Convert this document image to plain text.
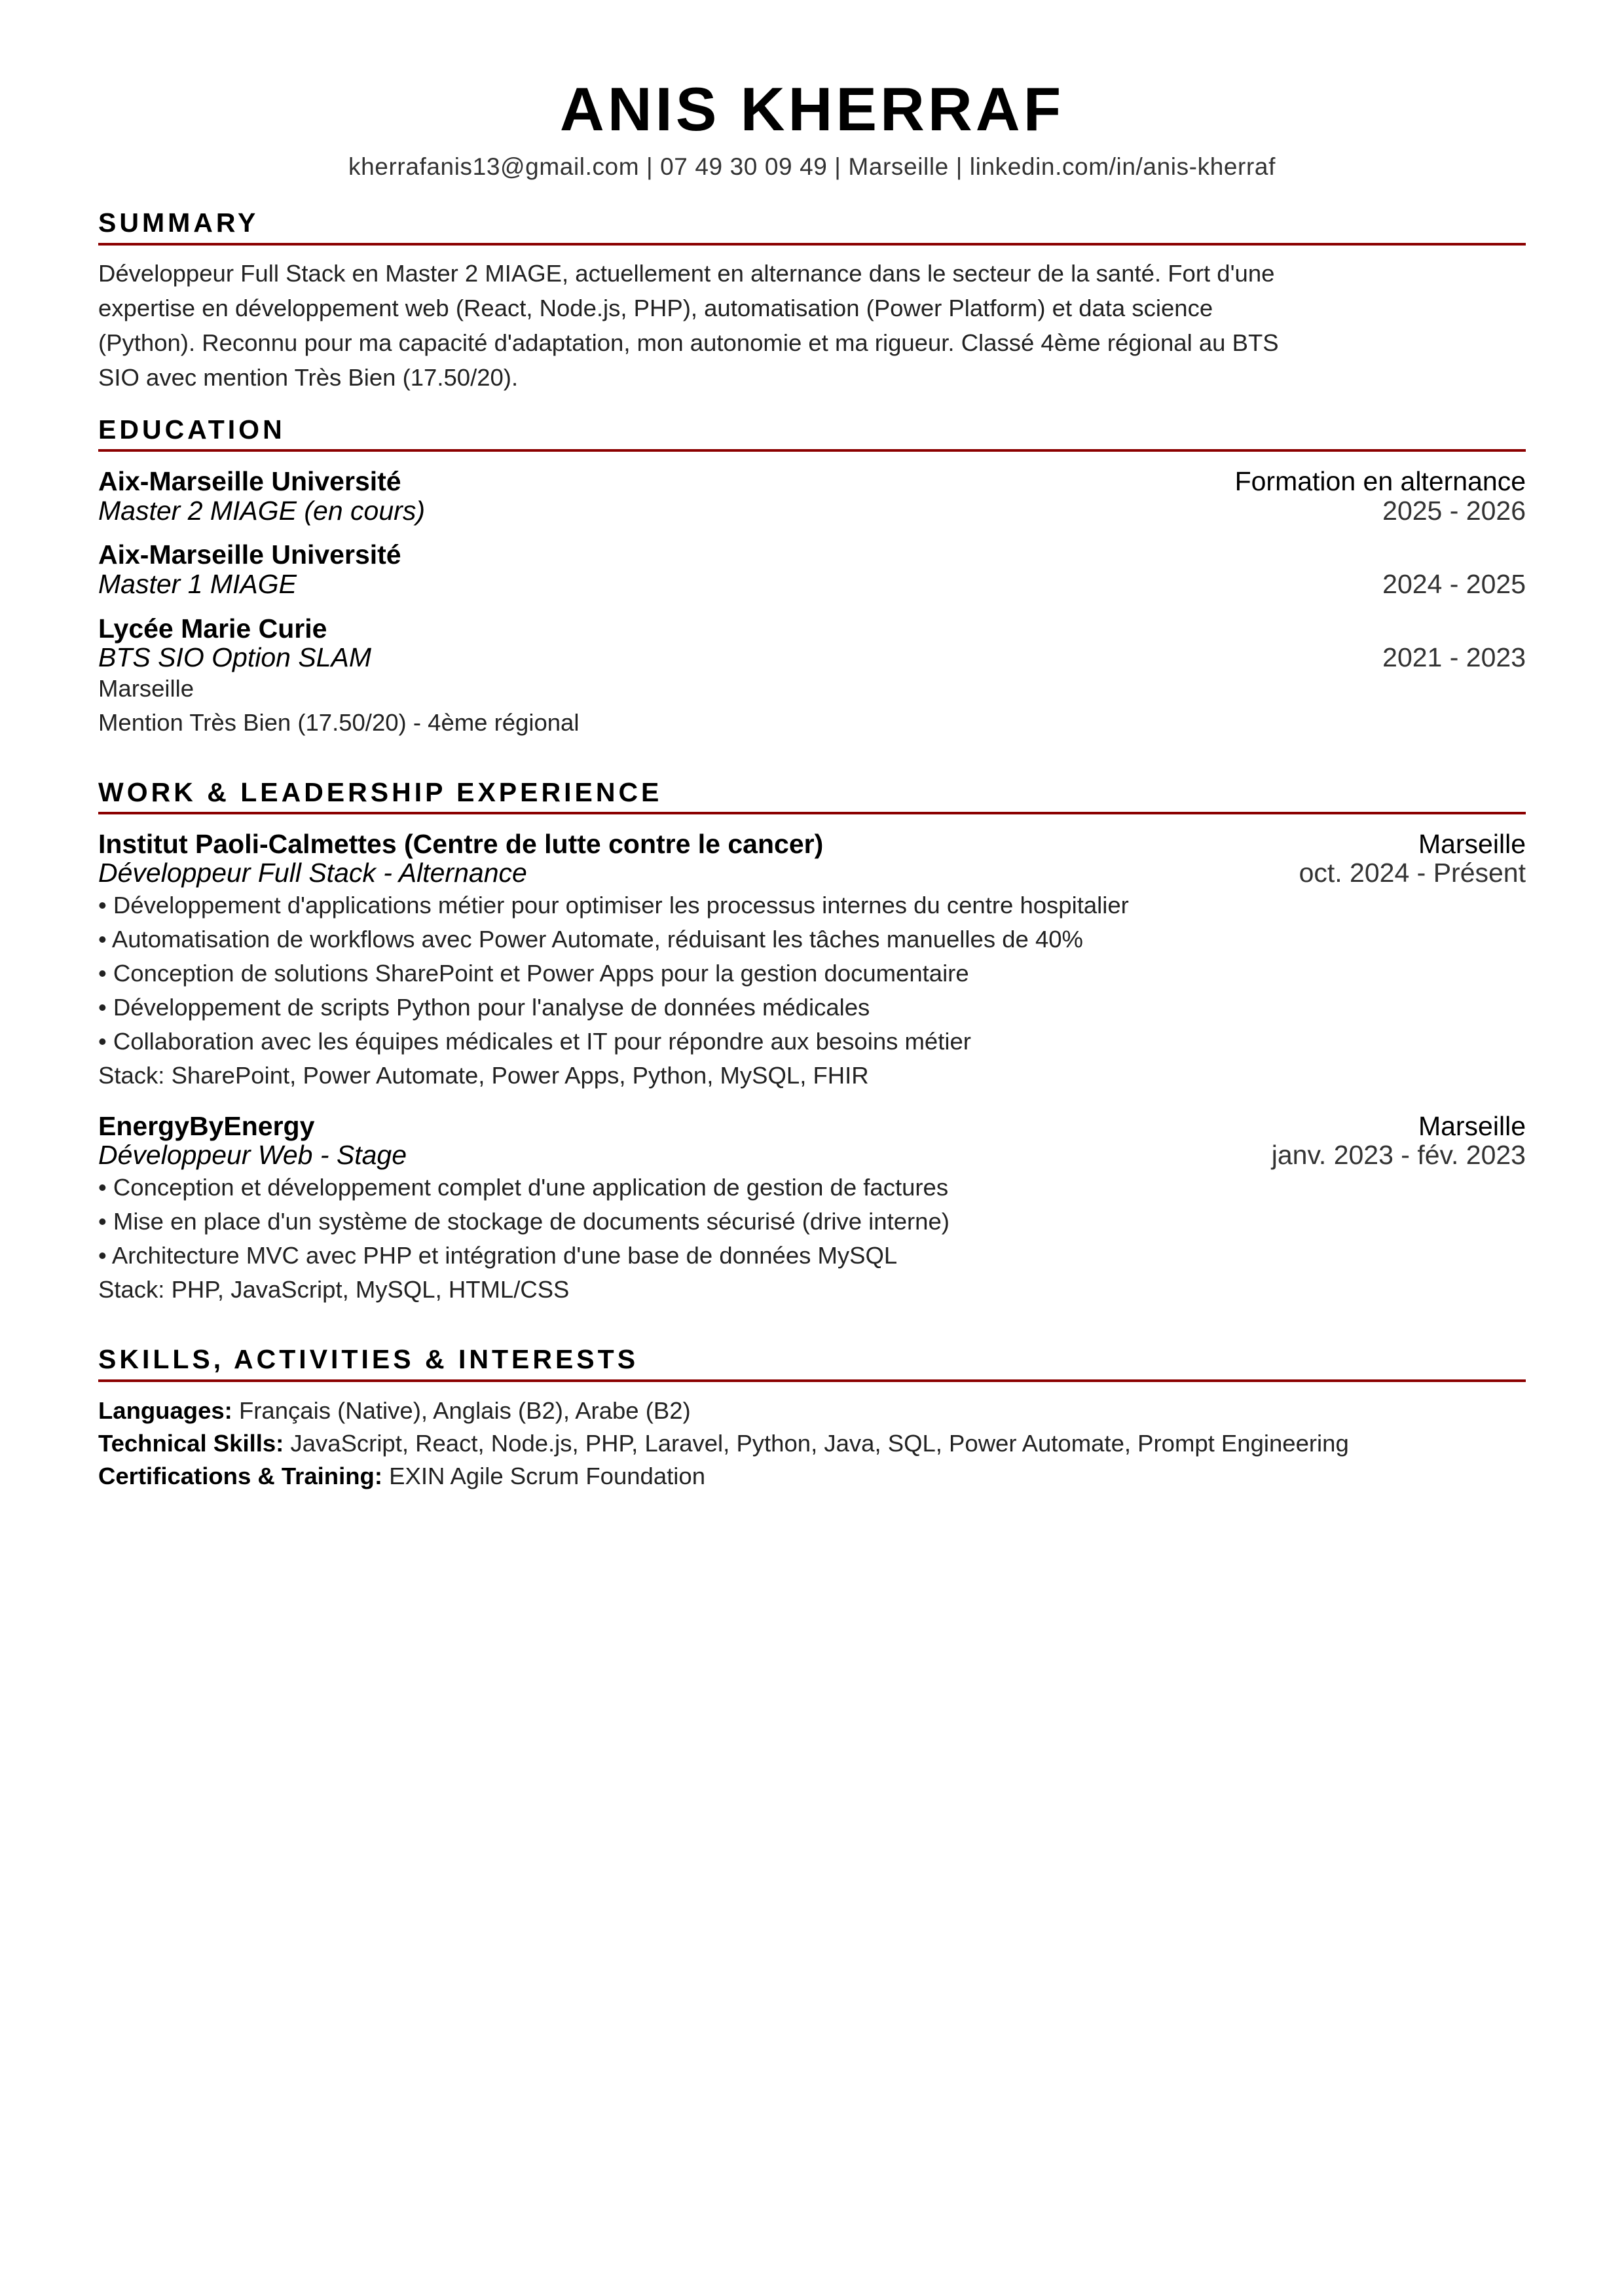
ANIS KHERRAF
kherrafanis13@gmail.com | 07 49 30 09 49 | Marseille | linkedin.com/in/anis-kherraf
SUMMARY
Développeur Full Stack en Master 2 MIAGE, actuellement en alternance dans le secteur de la santé. Fort d'une
expertise en développement web (React, Node.js, PHP), automatisation (Power Platform) et data science
(Python). Reconnu pour ma capacité d'adaptation, mon autonomie et ma rigueur. Classé 4ème régional au BTS
SIO avec mention Très Bien (17.50/20).
EDUCATION
Aix-Marseille Université	Formation en alternance
Master 2 MIAGE (en cours)	2025 - 2026
Aix-Marseille Université
Master 1 MIAGE	2024 - 2025
Lycée Marie Curie
BTS SIO Option SLAM	2021 - 2023
Marseille
Mention Très Bien (17.50/20) - 4ème régional
WORK & LEADERSHIP EXPERIENCE
Institut Paoli-Calmettes (Centre de lutte contre le cancer)	Marseille
Développeur Full Stack - Alternance	oct. 2024 - Présent
• Développement d'applications métier pour optimiser les processus internes du centre hospitalier
• Automatisation de workflows avec Power Automate, réduisant les tâches manuelles de 40%
• Conception de solutions SharePoint et Power Apps pour la gestion documentaire
• Développement de scripts Python pour l'analyse de données médicales
• Collaboration avec les équipes médicales et IT pour répondre aux besoins métier
Stack: SharePoint, Power Automate, Power Apps, Python, MySQL, FHIR
EnergyByEnergy	Marseille
Développeur Web - Stage	janv. 2023 - fév. 2023
• Conception et développement complet d'une application de gestion de factures
• Mise en place d'un système de stockage de documents sécurisé (drive interne)
• Architecture MVC avec PHP et intégration d'une base de données MySQL
Stack: PHP, JavaScript, MySQL, HTML/CSS
SKILLS, ACTIVITIES & INTERESTS
Languages: Français (Native), Anglais (B2), Arabe (B2)
Technical Skills: JavaScript, React, Node.js, PHP, Laravel, Python, Java, SQL, Power Automate, Prompt Engineering
Certifications & Training: EXIN Agile Scrum Foundation
